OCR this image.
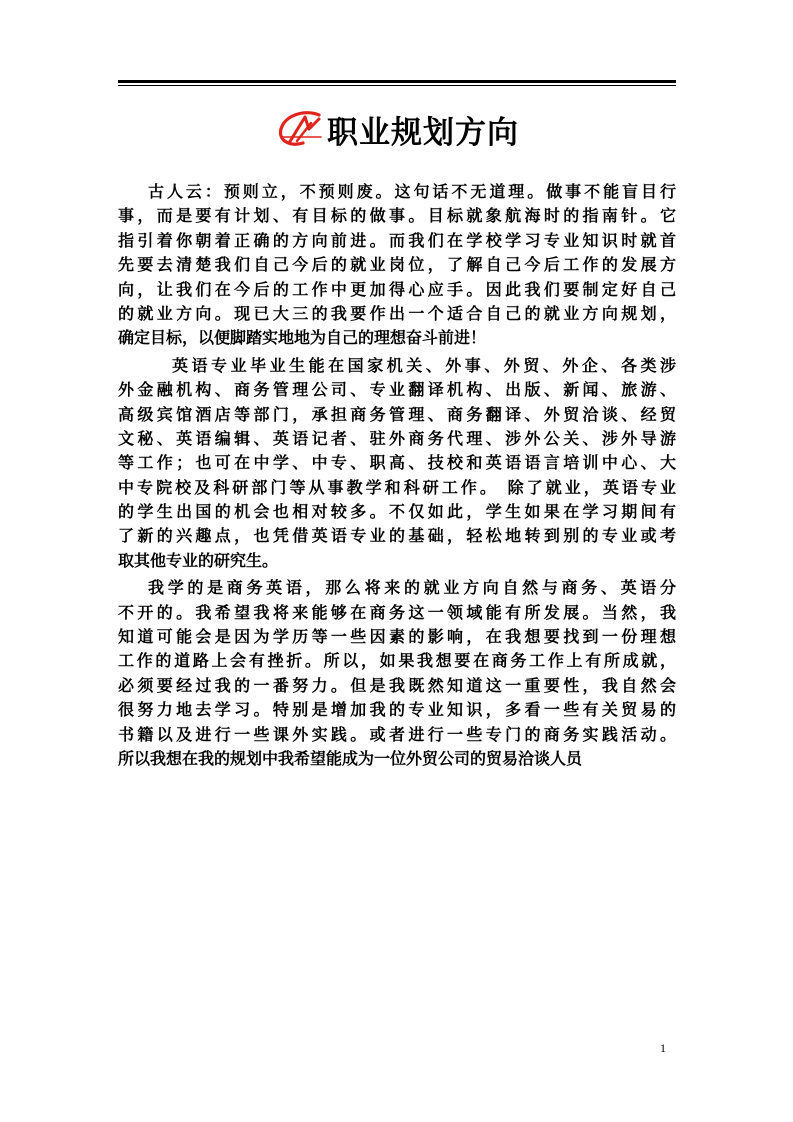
职业规划方向
古人云：预则立，不预则废。这句话不无道理。做事不能盲目行
事，而是要有计划、有目标的做事。目标就象航海时的指南针。它
指引着你朝着正确的方向前进。而我们在学校学习专业知识时就首
先要去清楚我们自己今后的就业岗位，了解自己今后工作的发展方
向，让我们在今后的工作中更加得心应手。因此我们要制定好自己
的就业方向。现已大三的我要作出一个适合自己的就业方向规划，
确定目标，以便脚踏实地地为自己的理想奋斗前进！
英语专业毕业生能在国家机关、外事、外贸、外企、各类涉
外金融机构、商务管理公司、专业翻译机构、出版、新闻、旅游、
高级宾馆酒店等部门，承担商务管理、商务翻译、外贸洽谈、经贸
文秘、英语编辑、英语记者、驻外商务代理、涉外公关、涉外导游
等工作；也可在中学、中专、职高、技校和英语语言培训中心、大
中专院校及科研部门等从事教学和科研工作。 除了就业，英语专业
的学生出国的机会也相对较多。不仅如此，学生如果在学习期间有
了新的兴趣点，也凭借英语专业的基础，轻松地转到别的专业或考
取其他专业的研究生。
我学的是商务英语，那么将来的就业方向自然与商务、英语分
不开的。我希望我将来能够在商务这一领域能有所发展。当然，我
知道可能会是因为学历等一些因素的影响，在我想要找到一份理想
工作的道路上会有挫折。所以，如果我想要在商务工作上有所成就，
必须要经过我的一番努力。但是我既然知道这一重要性，我自然会
很努力地去学习。特别是增加我的专业知识，多看一些有关贸易的
书籍以及进行一些课外实践。或者进行一些专门的商务实践活动。
所以我想在我的规划中我希望能成为一位外贸公司的贸易洽谈人员
1
